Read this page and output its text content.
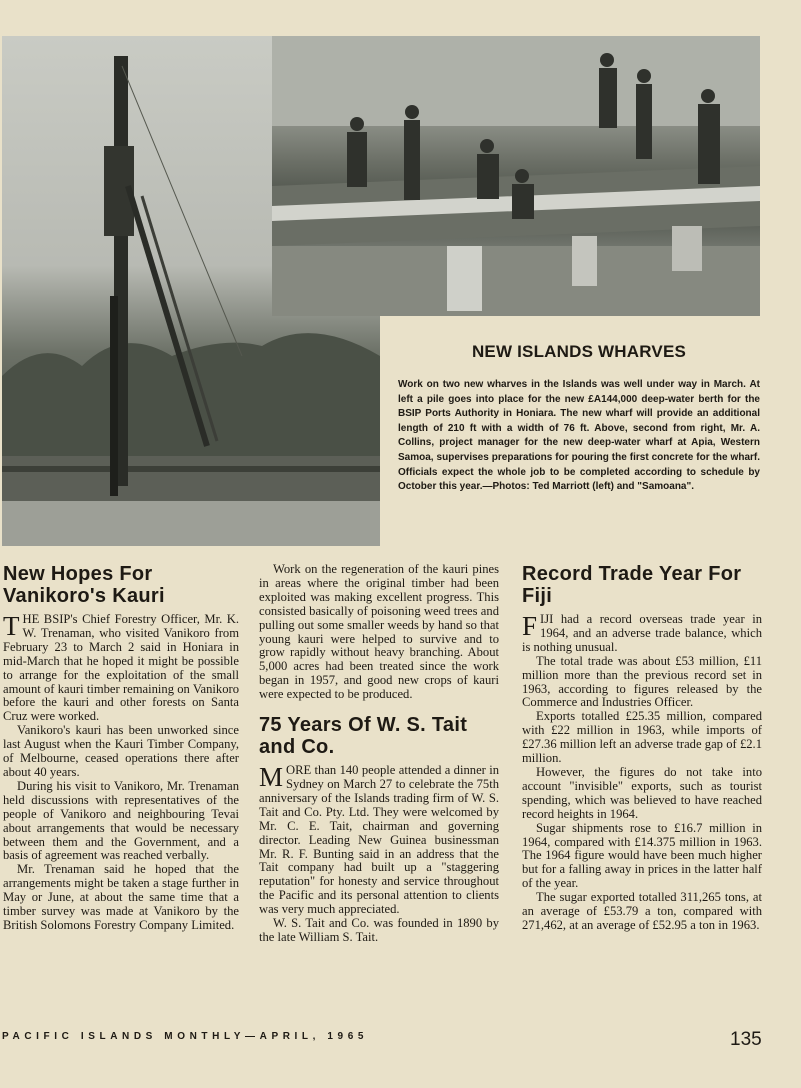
NEW ISLANDS WHARVES

Work on two new wharves in the Islands was well under way in March. At left a pile goes into place for the new £A144,000 deep-water berth for the BSIP Ports Authority in Honiara. The new wharf will provide an additional length of 210 ft with a width of 76 ft. Above, second from right, Mr. A. Collins, project manager for the new deep-water wharf at Apia, Western Samoa, supervises preparations for pouring the first concrete for the wharf. Officials expect the whole job to be completed according to schedule by October this year.—Photos: Ted Marriott (left) and "Samoana".

New Hopes For Vanikoro's Kauri

THE BSIP's Chief Forestry Officer, Mr. K. W. Trenaman, who visited Vanikoro from February 23 to March 2 said in Honiara in mid-March that he hoped it might be possible to arrange for the exploitation of the small amount of kauri timber remaining on Vanikoro before the kauri and other forests on Santa Cruz were worked.

Vanikoro's kauri has been unworked since last August when the Kauri Timber Company, of Melbourne, ceased operations there after about 40 years.

During his visit to Vanikoro, Mr. Trenaman held discussions with representatives of the people of Vanikoro and neighbouring Tevai about arrangements that would be necessary between them and the Government, and a basis of agreement was reached verbally.

Mr. Trenaman said he hoped that the arrangements might be taken a stage further in May or June, at about the same time that a timber survey was made at Vanikoro by the British Solomons Forestry Company Limited.

Work on the regeneration of the kauri pines in areas where the original timber had been exploited was making excellent progress. This consisted basically of poisoning weed trees and pulling out some smaller weeds by hand so that young kauri were helped to survive and to grow rapidly without heavy branching. About 5,000 acres had been treated since the work began in 1957, and good new crops of kauri were expected to be produced.

75 Years Of W. S. Tait and Co.

MORE than 140 people attended a dinner in Sydney on March 27 to celebrate the 75th anniversary of the Islands trading firm of W. S. Tait and Co. Pty. Ltd. They were welcomed by Mr. C. E. Tait, chairman and governing director. Leading New Guinea businessman Mr. R. F. Bunting said in an address that the Tait company had built up a "staggering reputation" for honesty and service throughout the Pacific and its personal attention to clients was very much appreciated.

W. S. Tait and Co. was founded in 1890 by the late William S. Tait.

Record Trade Year For Fiji

FIJI had a record overseas trade year in 1964, and an adverse trade balance, which is nothing unusual.

The total trade was about £53 million, £11 million more than the previous record set in 1963, according to figures released by the Commerce and Industries Officer.

Exports totalled £25.35 million, compared with £22 million in 1963, while imports of £27.36 million left an adverse trade gap of £2.1 million.

However, the figures do not take into account "invisible" exports, such as tourist spending, which was believed to have reached record heights in 1964.

Sugar shipments rose to £16.7 million in 1964, compared with £14.375 million in 1963. The 1964 figure would have been much higher but for a falling away in prices in the latter half of the year.

The sugar exported totalled 311,265 tons, at an average of £53.79 a ton, compared with 271,462, at an average of £52.95 a ton in 1963.

PACIFIC ISLANDS MONTHLY—APRIL, 1965	135
